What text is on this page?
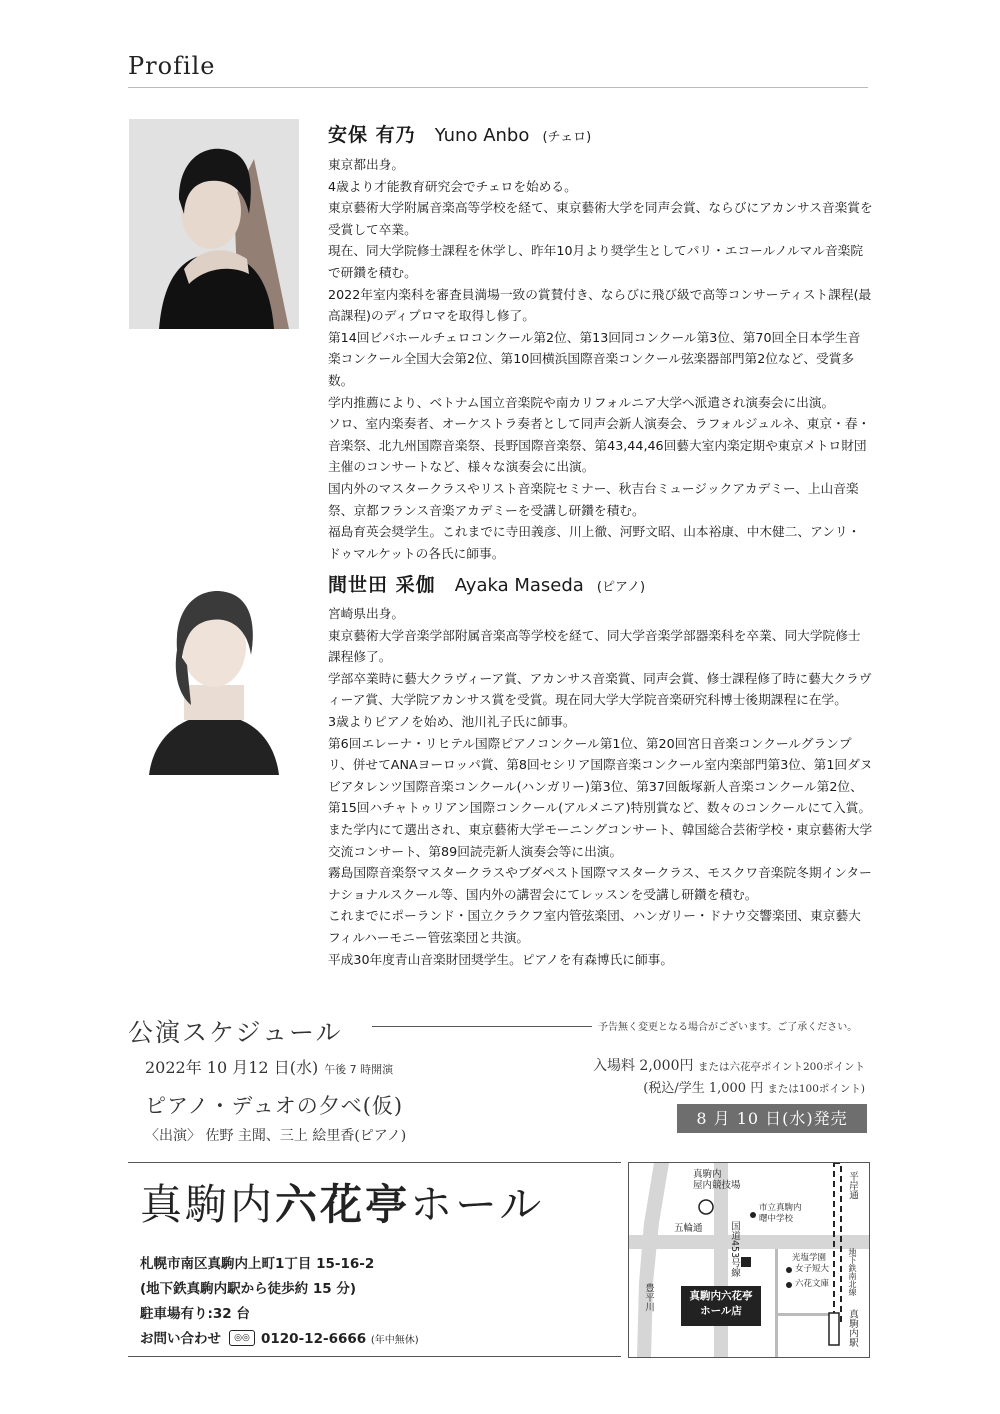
Profile
安保 有乃 Yuno Anbo (チェロ)

東京都出身。

4歳より才能教育研究会でチェロを始める。

東京藝術大学附属音楽高等学校を経て、東京藝術大学を同声会賞、ならびにアカンサス音楽賞を受賞して卒業。

現在、同大学院修士課程を休学し、昨年10月より奨学生としてパリ・エコールノルマル音楽院で研鑽を積む。

2022年室内楽科を審査員満場一致の賞賛付き、ならびに飛び級で高等コンサーティスト課程(最高課程)のディプロマを取得し修了。

第14回ビバホールチェロコンクール第2位、第13回同コンクール第3位、第70回全日本学生音楽コンクール全国大会第2位、第10回横浜国際音楽コンクール弦楽器部門第2位など、受賞多数。

学内推薦により、ベトナム国立音楽院や南カリフォルニア大学へ派遣され演奏会に出演。

ソロ、室内楽奏者、オーケストラ奏者として同声会新人演奏会、ラフォルジュルネ、東京・春・音楽祭、北九州国際音楽祭、長野国際音楽祭、第43,44,46回藝大室内楽定期や東京メトロ財団主催のコンサートなど、様々な演奏会に出演。

国内外のマスタークラスやリスト音楽院セミナー、秋吉台ミュージックアカデミー、上山音楽祭、京都フランス音楽アカデミーを受講し研鑽を積む。

福島育英会奨学生。これまでに寺田義彦、川上徹、河野文昭、山本裕康、中木健二、アンリ・ドゥマルケットの各氏に師事。

間世田 采伽 Ayaka Maseda (ピアノ)

宮崎県出身。

東京藝術大学音楽学部附属音楽高等学校を経て、同大学音楽学部器楽科を卒業、同大学院修士課程修了。

学部卒業時に藝大クラヴィーア賞、アカンサス音楽賞、同声会賞、修士課程修了時に藝大クラヴィーア賞、大学院アカンサス賞を受賞。現在同大学大学院音楽研究科博士後期課程に在学。

3歳よりピアノを始め、池川礼子氏に師事。

第6回エレーナ・リヒテル国際ピアノコンクール第1位、第20回宮日音楽コンクールグランプリ、併せてANAヨーロッパ賞、第8回セシリア国際音楽コンクール室内楽部門第3位、第1回ダヌビアタレンツ国際音楽コンクール(ハンガリー)第3位、第37回飯塚新人音楽コンクール第2位、第15回ハチャトゥリアン国際コンクール(アルメニア)特別賞など、数々のコンクールにて入賞。

また学内にて選出され、東京藝術大学モーニングコンサート、韓国総合芸術学校・東京藝術大学交流コンサート、第89回読売新人演奏会等に出演。

霧島国際音楽祭マスタークラスやブダペスト国際マスタークラス、モスクワ音楽院冬期インターナショナルスクール等、国内外の講習会にてレッスンを受講し研鑽を積む。

これまでにポーランド・国立クラクフ室内管弦楽団、ハンガリー・ドナウ交響楽団、東京藝大フィルハーモニー管弦楽団と共演。

平成30年度青山音楽財団奨学生。ピアノを有森博氏に師事。

公演スケジュール	予告無く変更となる場合がございます。ご了承ください。
2022年 10 月12 日(水) 午後 7 時開演
ピアノ・デュオの夕べ(仮)
〈出演〉 佐野 主聞、三上 絵里香(ピアノ)
入場料 2,000円 または六花亭ポイント200ポイント
(税込/学生 1,000 円 または100ポイント)
8 月 10 日(水)発売
真駒内六花亭ホール
札幌市南区真駒内上町1丁目 15-16-2
(地下鉄真駒内駅から徒歩約 15 分)
駐車場有り:32 台
お問い合わせ ◎◎ 0120-12-6666 (年中無休)
真駒内
屋内競技場
市立真駒内
曙中学校
五輪通	国道453号線	光塩学園
女子短大
六花文庫
豊平川
平岸通
地下鉄南北線
真駒内駅
真駒内六花亭
ホール店
